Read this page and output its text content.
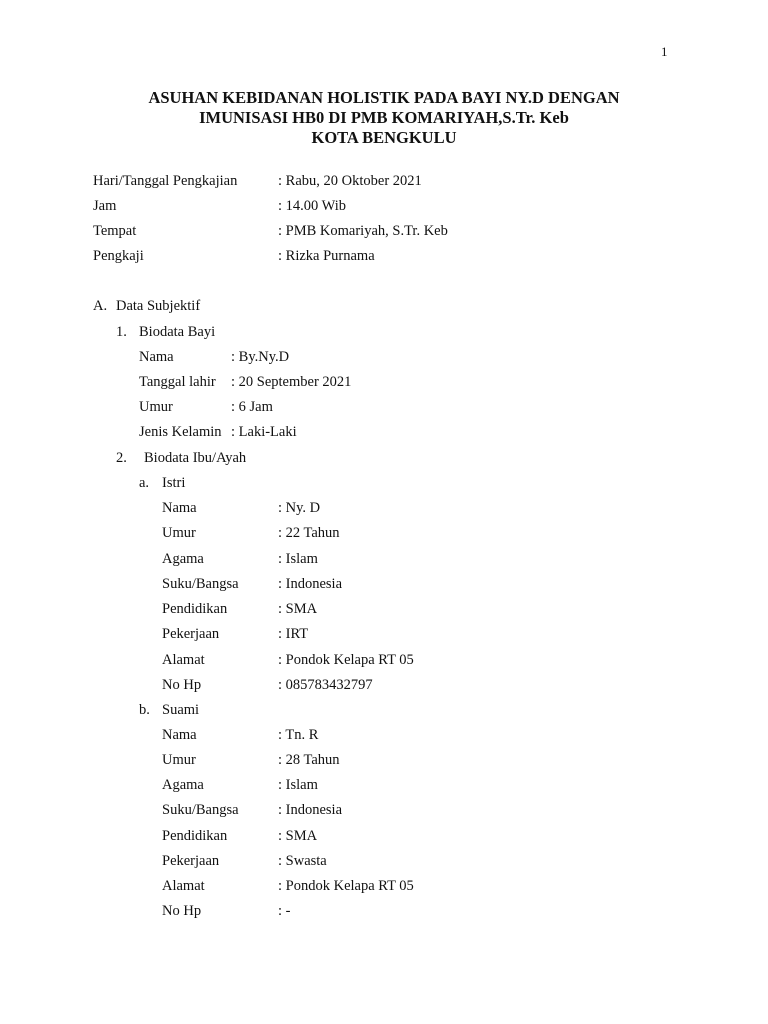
1
ASUHAN KEBIDANAN HOLISTIK PADA BAYI NY.D DENGAN
IMUNISASI HB0 DI PMB KOMARIYAH,S.Tr. Keb
KOTA BENGKULU
Hari/Tanggal Pengkajian	: Rabu, 20 Oktober 2021
Jam	: 14.00 Wib
Tempat	: PMB Komariyah, S.Tr. Keb
Pengkaji	: Rizka Purnama
A. Data Subjektif
1. Biodata Bayi
Nama	: By.Ny.D
Tanggal lahir : 20 September 2021
Umur	: 6 Jam
Jenis Kelamin : Laki-Laki
2. Biodata Ibu/Ayah
a. Istri
Nama	: Ny. D
Umur	: 22 Tahun
Agama	: Islam
Suku/Bangsa	: Indonesia
Pendidikan	: SMA
Pekerjaan	: IRT
Alamat	: Pondok Kelapa RT 05
No Hp	: 085783432797
b. Suami
Nama	: Tn. R
Umur	: 28 Tahun
Agama	: Islam
Suku/Bangsa	: Indonesia
Pendidikan	: SMA
Pekerjaan	: Swasta
Alamat	: Pondok Kelapa RT 05
No Hp	: -
